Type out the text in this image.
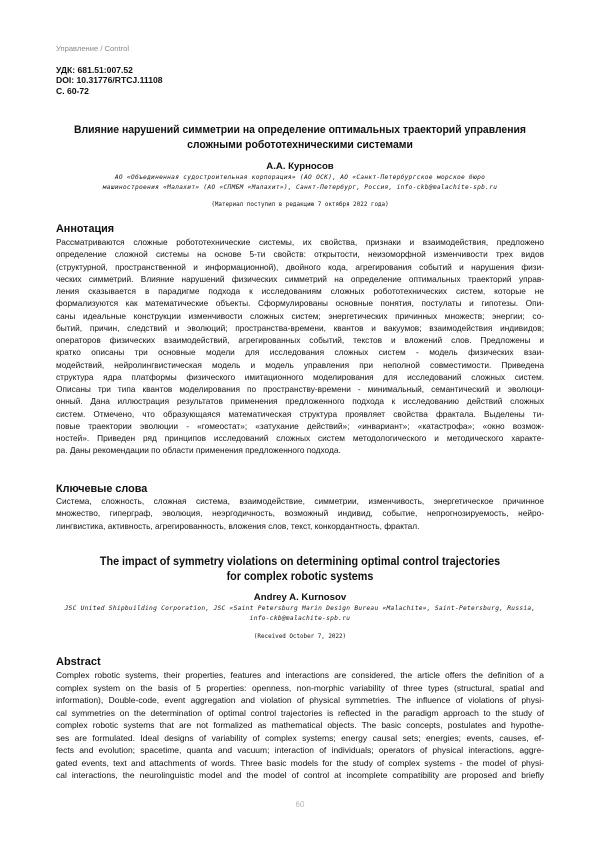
Управление / Control
УДК: 681.51:007.52
DOI: 10.31776/RTCJ.11108
С. 60-72
Влияние нарушений симметрии на определение оптимальных траекторий управления
сложными робототехническими системами
А.А. Курносов
АО «Объединенная судостроительная корпорация» (АО ОСК), АО «Санкт-Петербургское морское бюро
машиностроения «Малахит» (АО «СПМБМ «Малахит»), Санкт-Петербург, Россия, info-ckb@malachite-spb.ru
(Материал поступил в редакцию 7 октября 2022 года)
Аннотация
Рассматриваются сложные робототехнические системы, их свойства, признаки и взаимодействия, предложено
определение сложной системы на основе 5-ти свойств: открытости, неизоморфной изменчивости трех видов
(структурной, пространственной и информационной), двойного кода, агрегирования событий и нарушения физи-
ческих симметрий. Влияние нарушений физических симметрий на определение оптимальных траекторий управ-
ления сказывается в парадигме подхода к исследованиям сложных робототехнических систем, которые не
формализуются как математические объекты. Сформулированы основные понятия, постулаты и гипотезы. Опи-
саны идеальные конструкции изменчивости сложных систем; энергетических причинных множеств; энергии; со-
бытий, причин, следствий и эволюций; пространства-времени, квантов и вакуумов; взаимодействия индивидов;
операторов физических взаимодействий, агрегированных событий, текстов и вложений слов. Предложены и
кратко описаны три основные модели для исследования сложных систем - модель физических взаи-
модействий, нейролингвистическая модель и модель управления при неполной совместимости. Приведена
структура ядра платформы физического имитационного моделирования для исследований сложных систем.
Описаны три типа квантов моделирования по пространству-времени - минимальный, семантический и эволюци-
онный. Дана иллюстрация результатов применения предложенного подхода к исследованию действий сложных
систем. Отмечено, что образующаяся математическая структура проявляет свойства фрактала. Выделены ти-
повые траектории эволюции - «гомеостат»; «затухание действий»; «инвариант»; «катастрофа»; «окно возмож-
ностей». Приведен ряд принципов исследований сложных систем методологического и методического характе-
ра. Даны рекомендации по области применения предложенного подхода.
Ключевые слова
Система, сложность, сложная система, взаимодействие, симметрии, изменчивость, энергетическое причинное
множество, гиперграф, эволюция, неэргодичность, возможный индивид, событие, непрогнозируемость, нейро-
лингвистика, активность, агрегированность, вложения слов, текст, конкордантность, фрактал.
The impact of symmetry violations on determining optimal control trajectories
for complex robotic systems
Andrey A. Kurnosov
JSC United Shipbuilding Corporation, JSC «Saint Petersburg Marin Design Bureau «Malachite», Saint-Petersburg, Russia,
info-ckb@malachite-spb.ru
(Received October 7, 2022)
Abstract
Complex robotic systems, their properties, features and interactions are considered, the article offers the definition of a
complex system on the basis of 5 properties: openness, non-morphic variability of three types (structural, spatial and
information), Double-code, event aggregation and violation of physical symmetries. The influence of violations of physi-
cal symmetries on the determination of optimal control trajectories is reflected in the paradigm approach to the study of
complex robotic systems that are not formalized as mathematical objects. The basic concepts, postulates and hypothe-
ses are formulated. Ideal designs of variability of complex systems; energy causal sets; energies; events, causes, ef-
fects and evolution; spacetime, quanta and vacuum; interaction of individuals; operators of physical interactions, aggre-
gated events, text and attachments of words. Three basic models for the study of complex systems - the model of physi-
cal interactions, the neurolinguistic model and the model of control at incomplete compatibility are proposed and briefly
60
